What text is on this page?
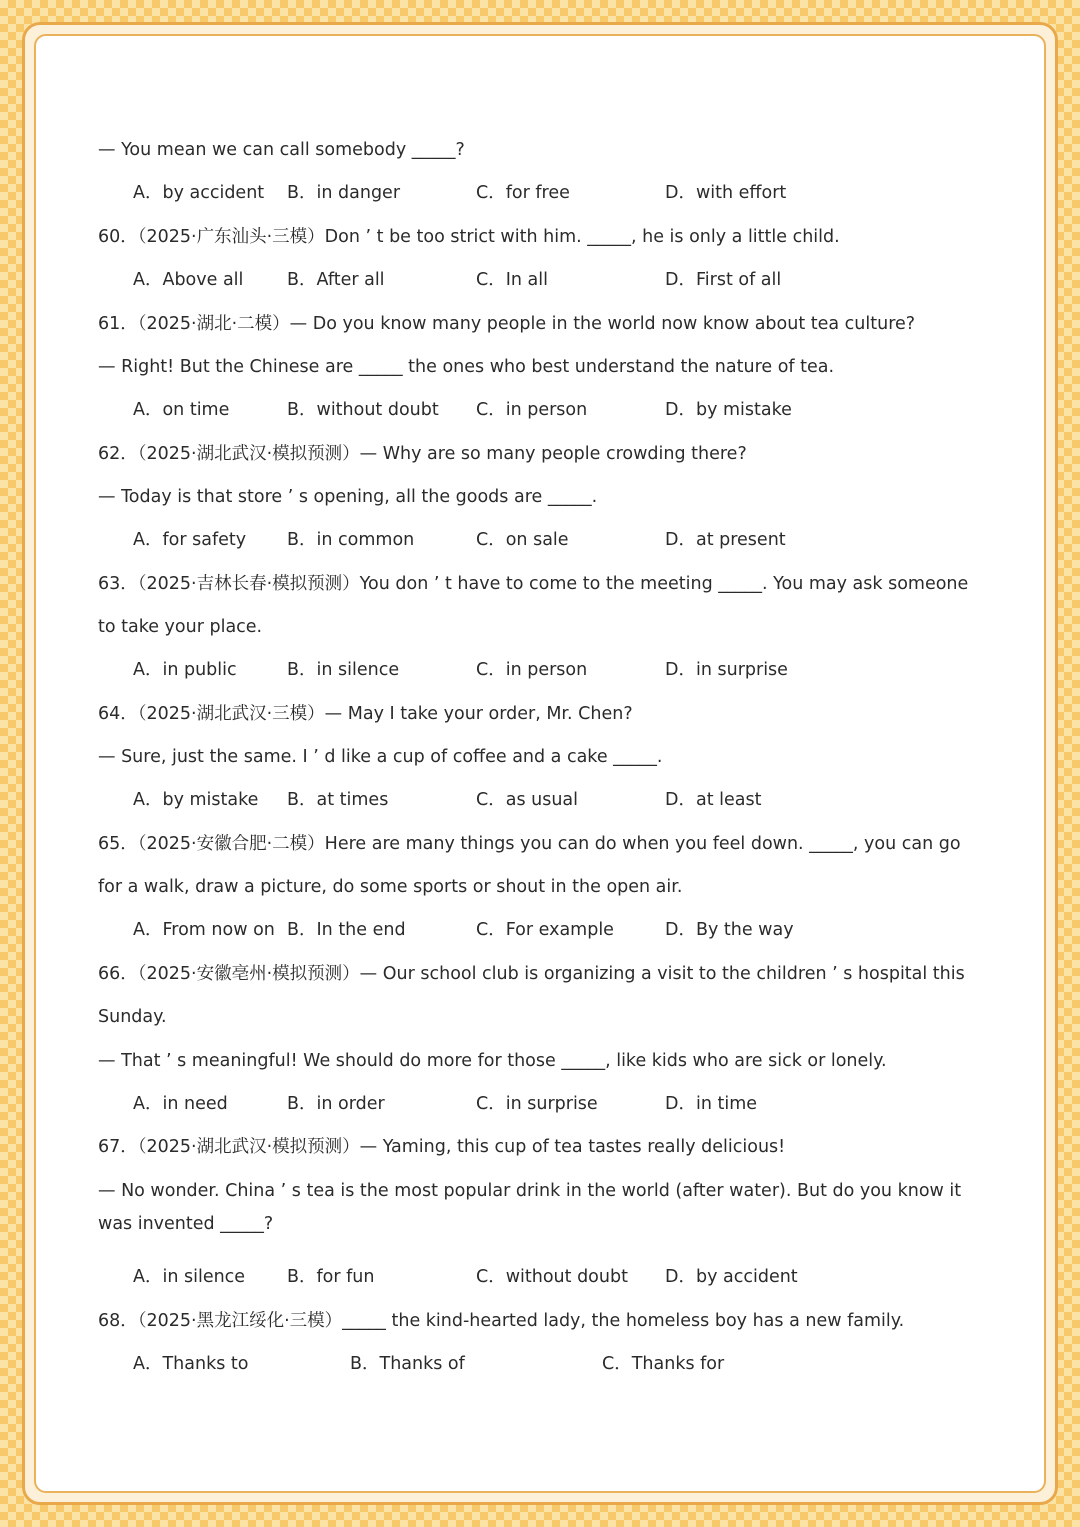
— You mean we can call somebody _____?
A．by accident B．in danger	C．for free	D．with effort
60．（2025·广东汕头·三模）Don ’ t be too strict with him. _____, he is only a little child.
A．Above all B．After all	C．In all	D．First of all
61．（2025·湖北·二模）— Do you know many people in the world now know about tea culture?
— Right! But the Chinese are _____ the ones who best understand the nature of tea.
A．on time	B．without doubt C．in person	D．by mistake
62．（2025·湖北武汉·模拟预测）— Why are so many people crowding there?
— Today is that store ’ s opening, all the goods are _____.
A．for safety B．in common	C．on sale	D．at present
63．（2025·吉林长春·模拟预测）You don ’ t have to come to the meeting _____. You may ask someone
to take your place.
A．in public	B．in silence	C．in person	D．in surprise
64．（2025·湖北武汉·三模）— May I take your order, Mr. Chen?
— Sure, just the same. I ’ d like a cup of coffee and a cake _____.
A．by mistake B．at times	C．as usual	D．at least
65．（2025·安徽合肥·二模）Here are many things you can do when you feel down. _____, you can go
for a walk, draw a picture, do some sports or shout in the open air.
A．From now on B．In the end	C．For example	D．By the way
66．（2025·安徽亳州·模拟预测）— Our school club is organizing a visit to the children ’ s hospital this
Sunday.
— That ’ s meaningful! We should do more for those _____, like kids who are sick or lonely.
A．in need	B．in order	C．in surprise	D．in time
67．（2025·湖北武汉·模拟预测）— Yaming, this cup of tea tastes really delicious!
— No wonder. China ’ s tea is the most popular drink in the world (after water). But do you know it
was invented _____?
A．in silence B．for fun	C．without doubt D．by accident
68．（2025·黑龙江绥化·三模）_____ the kind-hearted lady, the homeless boy has a new family.
A．Thanks to	B．Thanks of	C．Thanks for
